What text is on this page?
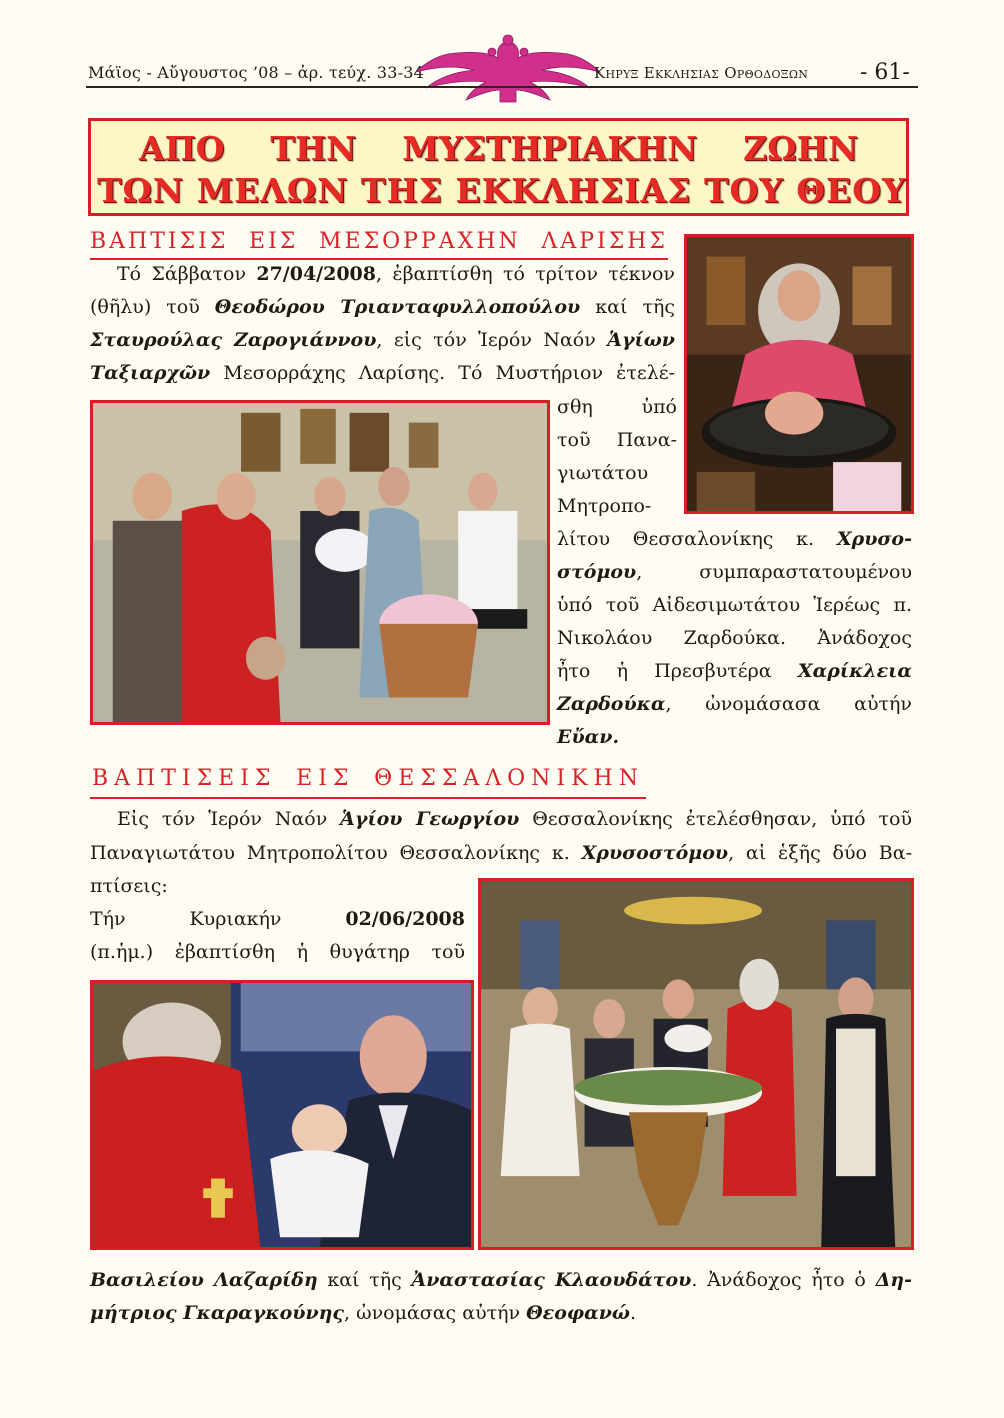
Μάϊος - Αὔγουστος ’08 – ἀρ. τεύχ. 33-34	Κηρυξ Εκκλησιας Ορθοδοξων - 61-
ΑΠΟ ΤΗΝ ΜΥΣΤΗΡΙΑΚΗΝ ΖΩΗΝ
ΤΩΝ ΜΕΛΩΝ ΤΗΣ ΕΚΚΛΗΣΙΑΣ ΤΟΥ ΘΕΟΥ
ΒΑΠΤΙΣΙΣ ΕΙΣ ΜΕΣΟΡΡΑΧΗΝ ΛΑΡΙΣΗΣ
Τό Σάββατον 27/04/2008, ἐβαπτίσθη τό τρίτον τέκνον
(θῆλυ) τοῦ Θεοδώρου Τριανταφυλλοπούλου καί τῆς
Σταυρούλας Ζαρογιάννου, εἰς τόν Ἱερόν Ναόν Ἁγίων
Ταξιαρχῶν Μεσορράχης Λαρίσης. Τό Μυστήριον ἐτελέ-
σθη ὑπό
τοῦ Πανα-
γιωτάτου
Μητροπο-
λίτου Θεσσαλονίκης κ. Χρυσο-
στόμου, συμπαραστατουμένου
ὑπό τοῦ Αἰδεσιμωτάτου Ἱερέως π.
Νικολάου Ζαρδούκα. Ἀνάδοχος
ἦτο ἡ Πρεσβυτέρα Χαρίκλεια
Ζαρδούκα, ὠνομάσασα αὐτήν
Εὔαν.
ΒΑΠΤΙΣΕΙΣ ΕΙΣ ΘΕΣΣΑΛΟΝΙΚΗΝ
Εἰς τόν Ἱερόν Ναόν Ἁγίου Γεωργίου Θεσσαλονίκης ἐτελέσθησαν, ὑπό τοῦ
Παναγιωτάτου Μητροπολίτου Θεσσαλονίκης κ. Χρυσοστόμου, αἱ ἑξῆς δύο Βα-
πτίσεις:
Τήν Κυριακήν 02/06/2008
(π.ἡμ.) ἐβαπτίσθη ἡ θυγάτηρ τοῦ
Βασιλείου Λαζαρίδη καί τῆς Ἀναστασίας Κλαουδάτου. Ἀνάδοχος ἦτο ὁ Δη-
μήτριος Γκαραγκούνης, ὠνομάσας αὐτήν Θεοφανώ.
